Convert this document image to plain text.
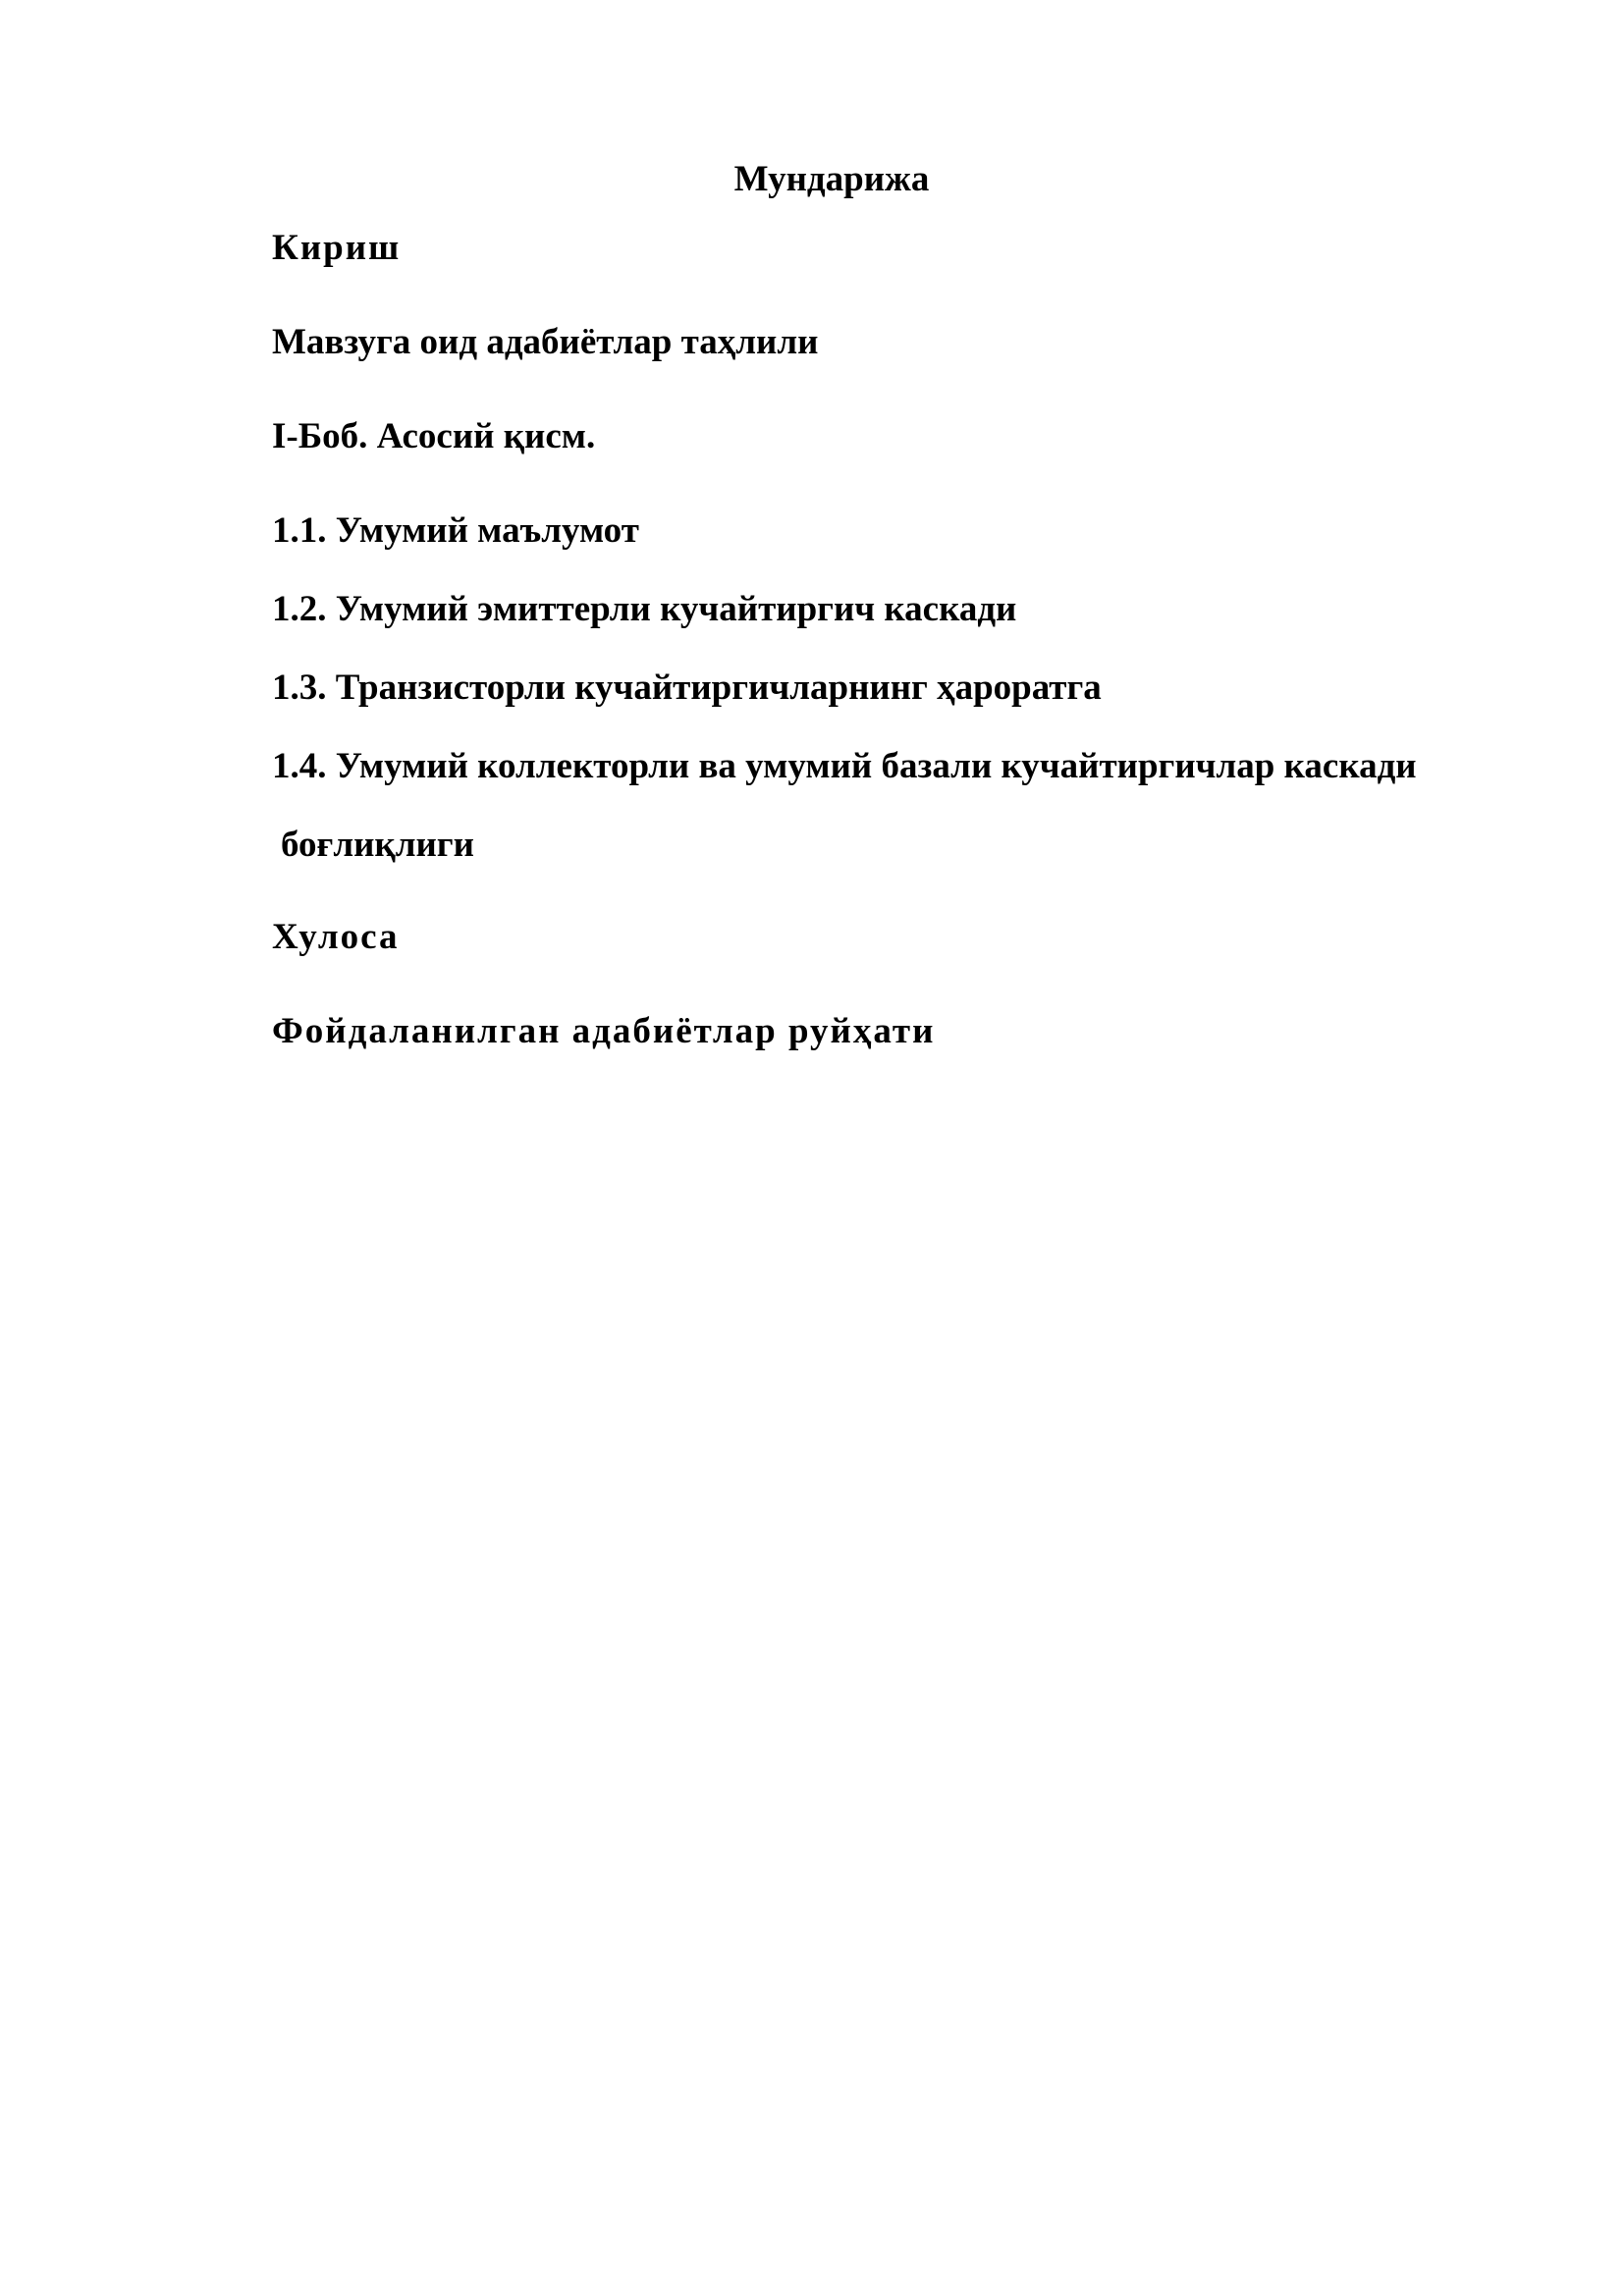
Мундарижа

Кириш

Мавзуга оид адабиётлар таҳлили

I-Боб. Асосий қисм.

1.1. Умумий маълумот

1.2. Умумий эмиттерли кучайтиргич каскади

1.3. Транзисторли кучайтиргичларнинг ҳароратга

1.4. Умумий коллекторли ва умумий базали кучайтиргичлар каскади

боғлиқлиги

Хулоса

Фойдаланилган адабиётлар руйҳати
